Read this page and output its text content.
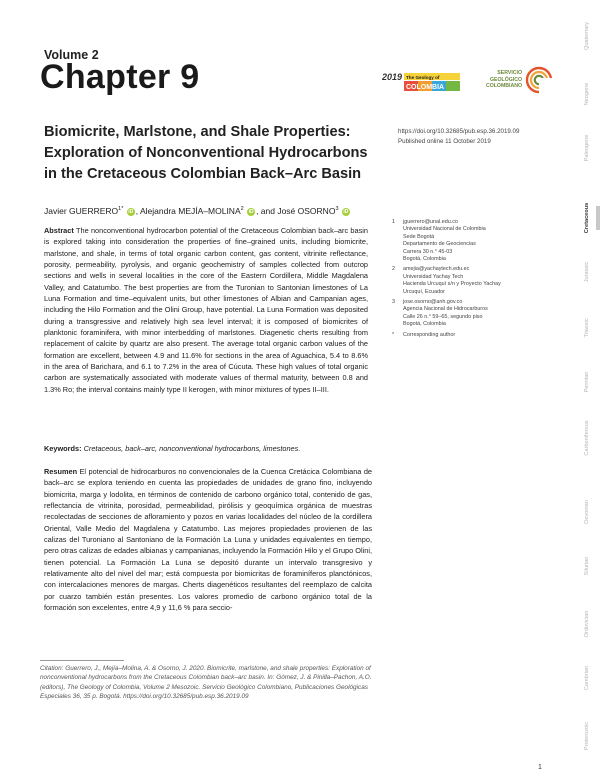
Volume 2
Chapter 9	2019 The Geology of
COLOMBIA
SERVICIO
GEOLÓGICO
COLOMBIANO
Biomicrite, Marlstone, and Shale Properties: Exploration of Nonconventional Hydrocarbons in the Cretaceous Colombian Back–Arc Basin
https://doi.org/10.32685/pub.esp.36.2019.09
Published online 11 October 2019
Javier $GUERRERO^{1*}$ iD , Alejandra MEJÍA–MOLINA$^2$ iD , and José OSORNO$^3$ iD
Abstract The nonconventional hydrocarbon potential of the Cretaceous Colombian back–arc basin is explored taking into consideration the properties of fine–grained units, including biomicrite, marlstone, and shale, in terms of total organic carbon content, gas content, vitrinite reflectance, porosity, permeability, pyrolysis, and organic geochemistry of samples collected from outcrop sections and wells in several localities in the core of the Eastern Cordillera, Middle Magdalena Valley, and Catatumbo. The best properties are from the Turonian to Santonian limestones of La Luna Formation and time–equivalent units, but other limestones of Albian and Campanian ages, including the Hilo Formation and the Olini Group, have potential. La Luna Formation was deposited during a transgressive and relatively high sea level interval; it is composed of biomicrites of planktonic foraminifera, with minor interbedding of marlstones. Diagenetic cherts resulting from replacement of calcite by quartz are also present. The average total organic carbon values of the formation are excellent, between 4.9 and 11.6% for sections in the area of Aguachica, 5.4 to 8.6% in the area of Barichara, and 6.1 to 7.2% in the area of Cúcuta. These high values of total organic carbon are systematically associated with moderate values of thermal maturity, between 0.8 and 1.3% Ro; the interval contains mainly type II kerogen, with minor mixtures of types II–III.
Keywords: Cretaceous, back–arc, nonconventional hydrocarbons, limestones.
Resumen El potencial de hidrocarburos no convencionales de la Cuenca Cretácica Colombiana de back–arc se explora teniendo en cuenta las propiedades de unidades de grano fino, incluyendo biomicrita, marga y lodolita, en términos de contenido de carbono orgánico total, contenido de gas, reflectancia de vitrinita, porosidad, permeabilidad, pirólisis y geoquímica orgánica de muestras recolectadas de secciones de afloramiento y pozos en varias localidades del núcleo de la cordillera Oriental, Valle Medio del Magdalena y Catatumbo. Las mejores propiedades provienen de las calizas del Turoniano al Santoniano de la Formación La Luna y unidades equivalentes en tiempo, pero otras calizas de edades albianas y campanianas, incluyendo la Formación Hilo y el Grupo Olini, tienen potencial. La Formación La Luna se depositó durante un intervalo transgresivo y relativamente alto del nivel del mar; está compuesta por biomicritas de foraminíferos planctónicos, con intercalaciones menores de margas. Cherts diagenéticos resultantes del reemplazo de calcita por cuarzo también están presentes. Los valores promedio de carbono orgánico total de la formación son excelentes, entre 4,9 y 11,6 % para seccio-
1 jguerrero@unal.edu.co
Universidad Nacional de Colombia
Sede Bogotá
Departamento de Geociencias
Carrera 30 n.° 45-03
Bogotá, Colombia
2 amejia@yachaytech.edu.ec
Universidad Yachay Tech
Hacienda Urcuquí s/n y Proyecto Yachay
Urcuquí, Ecuador
3 jose.osorno@anh.gov.co
Agencia Nacional de Hidrocarburos
Calle 26 n.° 59–65, segundo piso
Bogotá, Colombia
* Corresponding author
Citation: Guerrero, J., Mejía–Molina, A. & Osorno, J. 2020. Biomicrite, marlstone, and shale properties: Exploration of nonconventional hydrocarbons from the Cretaceous Colombian back–arc basin. In: Gómez, J. & Pinilla–Pachon, A.O. (editors), The Geology of Colombia, Volume 2 Mesozoic. Servicio Geológico Colombiano, Publicaciones Geológicas Especiales 36, 35 p. Bogotá. https://doi.org/10.32685/pub.esp.36.2019.09
1
Quaternary
Neogene
Paleogene
Cretaceous
Jurassic
Triassic
Permian
Carboniferous
Devonian
Silurian
Ordovician
Cambrian
Proterozoic
